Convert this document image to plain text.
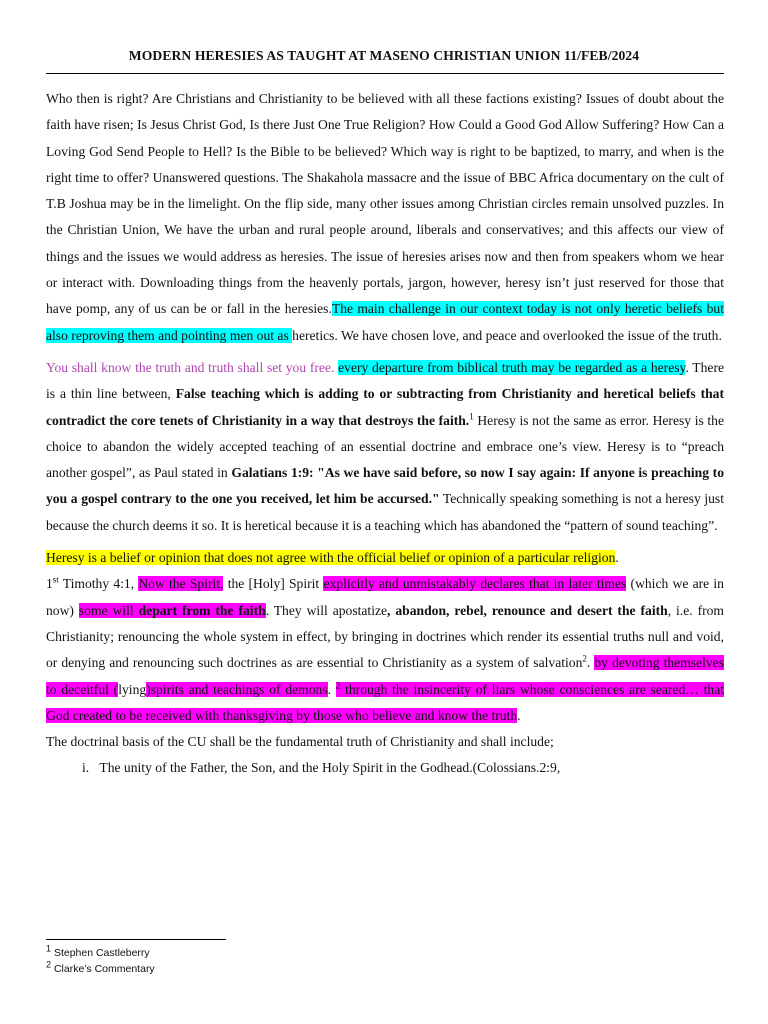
MODERN HERESIES AS TAUGHT AT MASENO CHRISTIAN UNION 11/FEB/2024

Who then is right? Are Christians and Christianity to be believed with all these factions existing? Issues of doubt about the faith have risen; Is Jesus Christ God, Is there Just One True Religion? How Could a Good God Allow Suffering? How Can a Loving God Send People to Hell? Is the Bible to be believed? Which way is right to be baptized, to marry, and when is the right time to offer? Unanswered questions. The Shakahola massacre and the issue of BBC Africa documentary on the cult of T.B Joshua may be in the limelight. On the flip side, many other issues among Christian circles remain unsolved puzzles. In the Christian Union, We have the urban and rural people around, liberals and conservatives; and this affects our view of things and the issues we would address as heresies. The issue of heresies arises now and then from speakers whom we hear or interact with. Downloading things from the heavenly portals, jargon, however, heresy isn’t just reserved for those that have pomp, any of us can be or fall in the heresies.The main challenge in our context today is not only heretic beliefs but also reproving them and pointing men out as heretics. We have chosen love, and peace and overlooked the issue of the truth.

You shall know the truth and truth shall set you free. every departure from biblical truth may be regarded as a heresy. There is a thin line between, False teaching which is adding to or subtracting from Christianity and heretical beliefs that contradict the core tenets of Christianity in a way that destroys the faith.$^1$ Heresy is not the same as error. Heresy is the choice to abandon the widely accepted teaching of an essential doctrine and embrace one’s view. Heresy is to “preach another gospel”, as Paul stated in Galatians 1:9: "As we have said before, so now I say again: If anyone is preaching to you a gospel contrary to the one you received, let him be accursed." Technically speaking something is not a heresy just because the church deems it so. It is heretical because it is a teaching which has abandoned the “pattern of sound teaching”.

Heresy is a belief or opinion that does not agree with the official belief or opinion of a particular religion.

1st Timothy 4:1, Now the Spirit, the [Holy] Spirit explicitly and unmistakably declares that in later times (which we are in now) some will depart from the faith. They will apostatize, abandon, rebel, renounce and desert the faith, i.e. from Christianity; renouncing the whole system in effect, by bringing in doctrines which render its essential truths null and void, or denying and renouncing such doctrines as are essential to Christianity as a system of salvation$^2$. by devoting themselves to deceitful (lying)spirits and teachings of demons. $^2$ through the insincerity of liars whose consciences are seared… that God created to be received with thanksgiving by those who believe and know the truth.

The doctrinal basis of the CU shall be the fundamental truth of Christianity and shall include;

i. The unity of the Father, the Son, and the Holy Spirit in the Godhead.(Colossians.2:9,

$^1$ Stephen Castleberry
$^2$ Clarke’s Commentary
